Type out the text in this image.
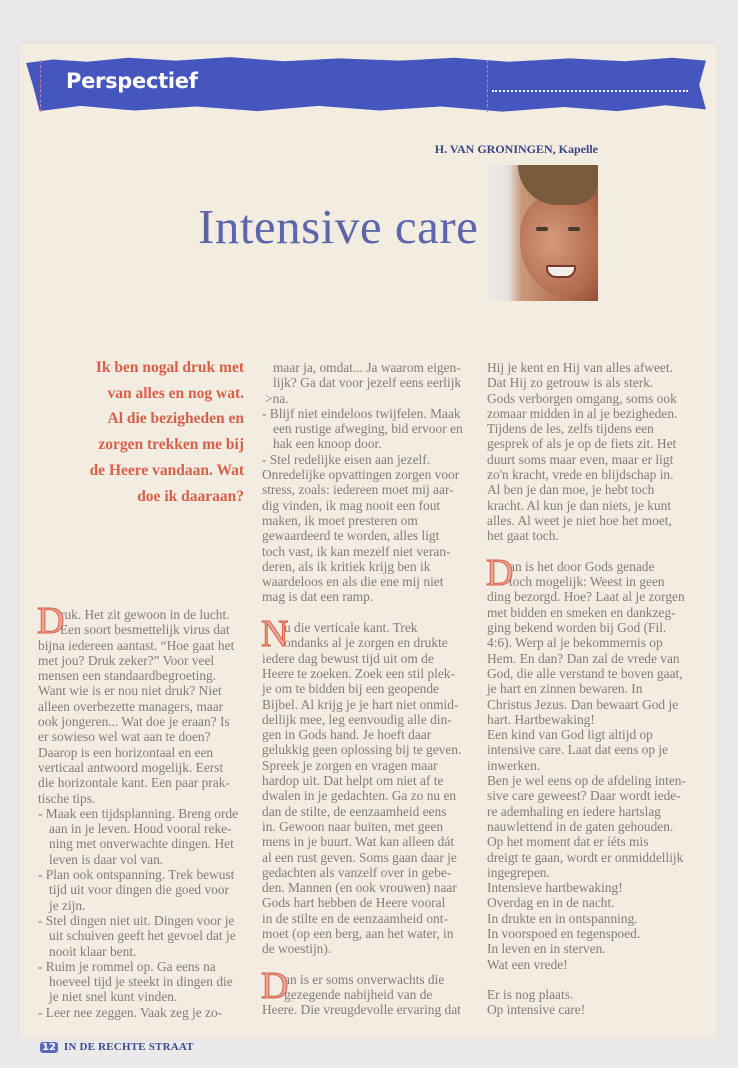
Perspectief
H. VAN GRONINGEN, Kapelle
Intensive care
Ik ben nogal druk met
van alles en nog wat.
Al die bezigheden en
zorgen trekken me bij
de Heere vandaan. Wat
doe ik daaraan?
D
ruk. Het zit gewoon in de lucht.
Een soort besmettelijk virus dat
bijna iedereen aantast. “Hoe gaat het
met jou? Druk zeker?” Voor veel
mensen een standaardbegroeting.
Want wie is er nou niet druk? Niet
alleen overbezette managers, maar
ook jongeren... Wat doe je eraan? Is
er sowieso wel wat aan te doen?
Daarop is een horizontaal en een
verticaal antwoord mogelijk. Eerst
die horizontale kant. Een paar prak-
tische tips.
- Maak een tijdsplanning. Breng orde
aan in je leven. Houd vooral reke-
ning met onverwachte dingen. Het
leven is daar vol van.
- Plan ook ontspanning. Trek bewust
tijd uit voor dingen die goed voor
je zijn.
- Stel dingen niet uit. Dingen voor je
uit schuiven geeft het gevoel dat je
nooit klaar bent.
- Ruim je rommel op. Ga eens na
hoeveel tijd je steekt in dingen die
je niet snel kunt vinden.
- Leer nee zeggen. Vaak zeg je zo-
maar ja, omdat... Ja waarom eigen-
lijk? Ga dat voor jezelf eens eerlijk
>na.
- Blijf niet eindeloos twijfelen. Maak
een rustige afweging, bid ervoor en
hak een knoop door.
- Stel redelijke eisen aan jezelf.
Onredelijke opvattingen zorgen voor
stress, zoals: iedereen moet mij aar-
dig vinden, ik mag nooit een fout
maken, ik moet presteren om
gewaardeerd te worden, alles ligt
toch vast, ik kan mezelf niet veran-
deren, als ik kritiek krijg ben ik
waardeloos en als die ene mij niet
mag is dat een ramp.
N
u die verticale kant. Trek
ondanks al je zorgen en drukte
iedere dag bewust tijd uit om de
Heere te zoeken. Zoek een stil plek-
je om te bidden bij een geopende
Bijbel. Al krijg je je hart niet onmid-
dellijk mee, leg eenvoudig alle din-
gen in Gods hand. Je hoeft daar
gelukkig geen oplossing bij te geven.
Spreek je zorgen en vragen maar
hardop uit. Dat helpt om niet af te
dwalen in je gedachten. Ga zo nu en
dan de stilte, de eenzaamheid eens
in. Gewoon naar buiten, met geen
mens in je buurt. Wat kan alleen dát
al een rust geven. Soms gaan daar je
gedachten als vanzelf over in gebe-
den. Mannen (en ook vrouwen) naar
Gods hart hebben de Heere vooral
in de stilte en de eenzaamheid ont-
moet (op een berg, aan het water, in
de woestijn).
D
an is er soms onverwachts die
gezegende nabijheid van de
Heere. Die vreugdevolle ervaring dat
Hij je kent en Hij van alles afweet.
Dat Hij zo getrouw is als sterk.
Gods verborgen omgang, soms ook
zomaar midden in al je bezigheden.
Tijdens de les, zelfs tijdens een
gesprek of als je op de fiets zit. Het
duurt soms maar even, maar er ligt
zo'n kracht, vrede en blijdschap in.
Al ben je dan moe, je hebt toch
kracht. Al kun je dan niets, je kunt
alles. Al weet je niet hoe het moet,
het gaat toch.
D
an is het door Gods genade
toch mogelijk: Weest in geen
ding bezorgd. Hoe? Laat al je zorgen
met bidden en smeken en dankzeg-
ging bekend worden bij God (Fil.
4:6). Werp al je bekommernis op
Hem. En dan? Dan zal de vrede van
God, die alle verstand te boven gaat,
je hart en zinnen bewaren. In
Christus Jezus. Dan bewaart God je
hart. Hartbewaking!
Een kind van God ligt altijd op
intensive care. Laat dat eens op je
inwerken.
Ben je wel eens op de afdeling inten-
sive care geweest? Daar wordt iede-
re ademhaling en iedere hartslag
nauwlettend in de gaten gehouden.
Op het moment dat er íéts mis
dreigt te gaan, wordt er onmiddellijk
ingegrepen.
Intensieve hartbewaking!
Overdag en in de nacht.
In drukte en in ontspanning.
In voorspoed en tegenspoed.
In leven en in sterven.
Wat een vrede!
Er is nog plaats.
Op intensive care!
12 IN DE RECHTE STRAAT
